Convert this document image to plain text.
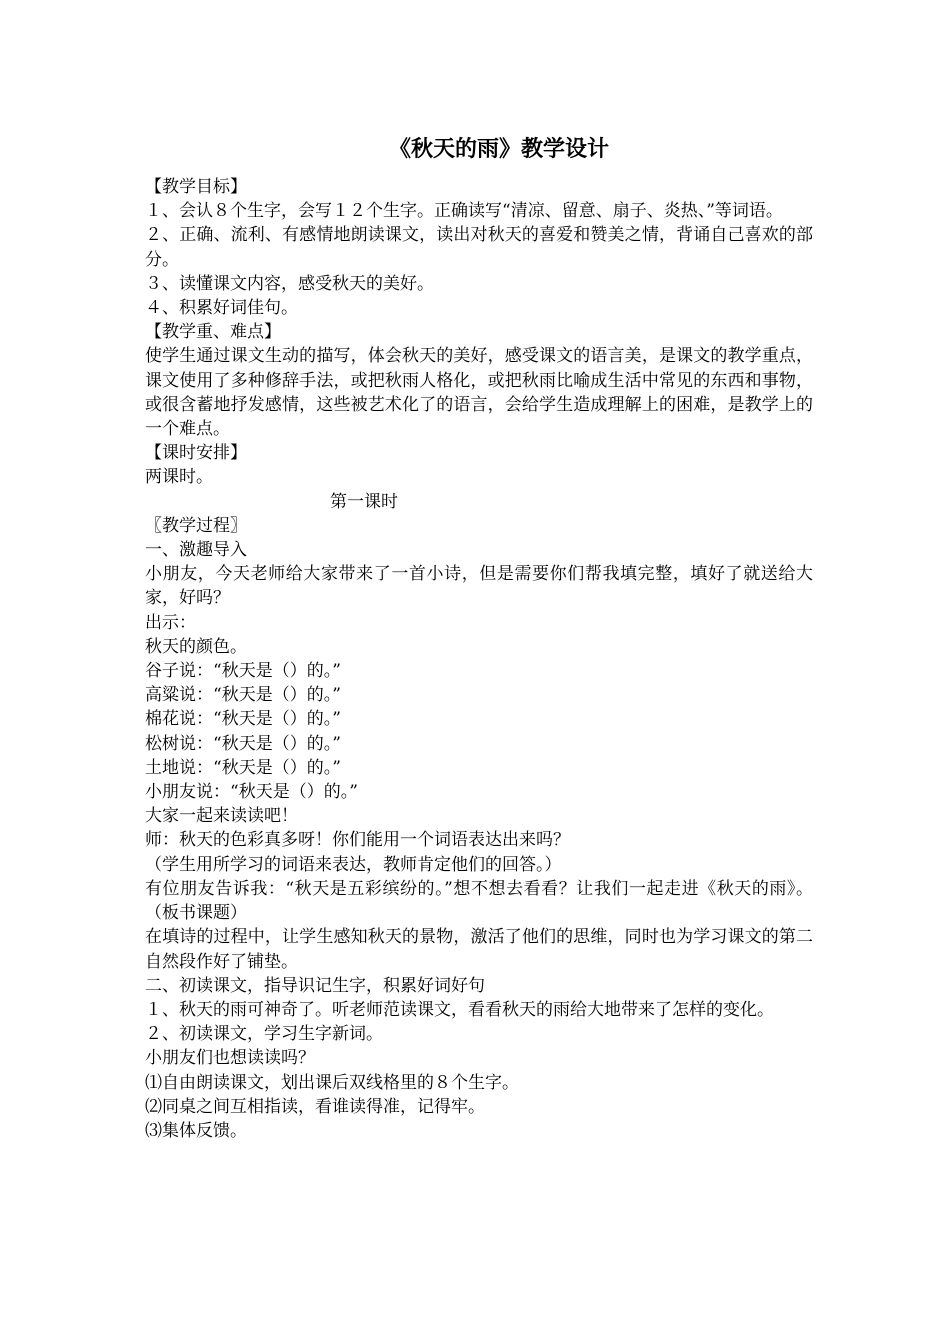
《秋天的雨》教学设计

【教学目标】

１、会认８个生字，会写１２个生字。正确读写“清凉、留意、扇子、炎热、”等词语。

２、正确、流利、有感情地朗读课文，读出对秋天的喜爱和赞美之情，背诵自己喜欢的部分。

３、读懂课文内容，感受秋天的美好。

４、积累好词佳句。

【教学重、难点】

使学生通过课文生动的描写，体会秋天的美好，感受课文的语言美，是课文的教学重点，课文使用了多种修辞手法，或把秋雨人格化，或把秋雨比喻成生活中常见的东西和事物，或很含蓄地抒发感情，这些被艺术化了的语言，会给学生造成理解上的困难，是教学上的一个难点。

【课时安排】

两课时。

第一课时

〖教学过程〗

一、激趣导入

小朋友，今天老师给大家带来了一首小诗，但是需要你们帮我填完整，填好了就送给大家，好吗？

出示：

秋天的颜色。

谷子说：“秋天是（）的。”

高粱说：“秋天是（）的。”

棉花说：“秋天是（）的。”

松树说：“秋天是（）的。”

土地说：“秋天是（）的。”

小朋友说：“秋天是（）的。”

大家一起来读读吧！

师：秋天的色彩真多呀！你们能用一个词语表达出来吗？

（学生用所学习的词语来表达，教师肯定他们的回答。）

有位朋友告诉我：“秋天是五彩缤纷的。”想不想去看看？让我们一起走进《秋天的雨》。（板书课题）

在填诗的过程中，让学生感知秋天的景物，激活了他们的思维，同时也为学习课文的第二自然段作好了铺垫。

二、初读课文，指导识记生字，积累好词好句

１、秋天的雨可神奇了。听老师范读课文，看看秋天的雨给大地带来了怎样的变化。

２、初读课文，学习生字新词。

小朋友们也想读读吗？

⑴自由朗读课文，划出课后双线格里的８个生字。

⑵同桌之间互相指读，看谁读得准，记得牢。

⑶集体反馈。
